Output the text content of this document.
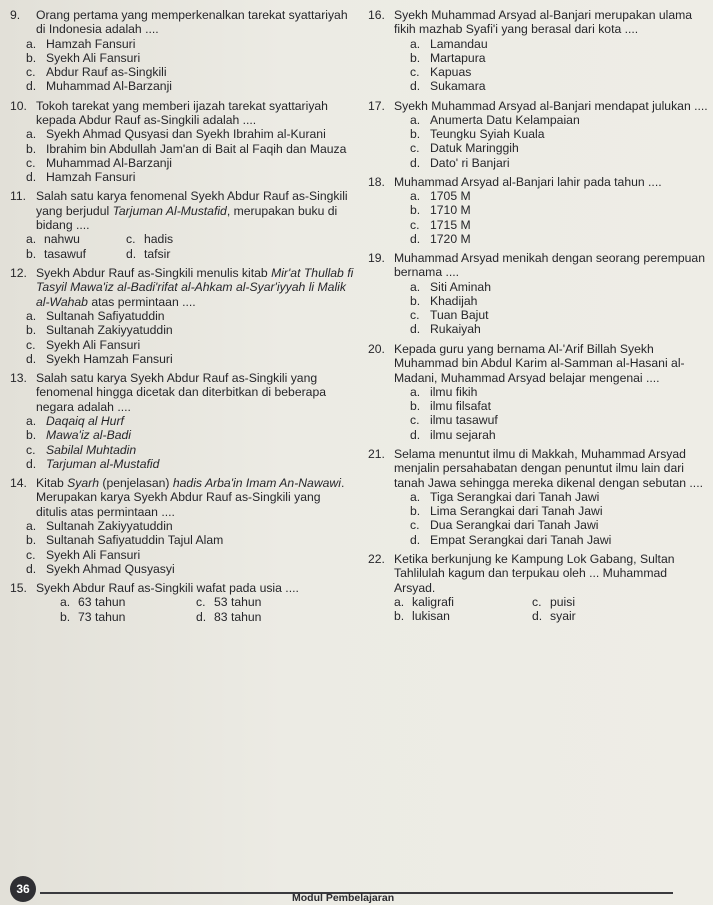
9.	Orang pertama yang memperkenalkan tarekat syattariyah di Indonesia adalah ....
a. Hamzah Fansuri
b. Syekh Ali Fansuri
c. Abdur Rauf as-Singkili
d. Muhammad Al-Barzanji
10. Tokoh tarekat yang memberi ijazah tarekat syattariyah kepada Abdur Rauf as-Singkili adalah ....
a. Syekh Ahmad Qusyasi dan Syekh Ibrahim al-Kurani
b. Ibrahim bin Abdullah Jam'an di Bait al Faqih dan Mauza
c. Muhammad Al-Barzanji
d. Hamzah Fansuri
11. Salah satu karya fenomenal Syekh Abdur Rauf as-Singkili yang berjudul Tarjuman Al-Mustafid, merupakan buku di bidang ....
a. nahwu	c. hadis
b. tasawuf	d. tafsir
12. Syekh Abdur Rauf as-Singkili menulis kitab Mir'at Thullab fi Tasyil Mawa'iz al-Badi'rifat al-Ahkam al-Syar'iyyah li Malik al-Wahab atas permintaan ....
a. Sultanah Safiyatuddin
b. Sultanah Zakiyyatuddin
c. Syekh Ali Fansuri
d. Syekh Hamzah Fansuri
13. Salah satu karya Syekh Abdur Rauf as-Singkili yang fenomenal hingga dicetak dan diterbitkan di beberapa negara adalah ....
a. Daqaiq al Hurf
b. Mawa'iz al-Badi
c. Sabilal Muhtadin
d. Tarjuman al-Mustafid
14. Kitab Syarh (penjelasan) hadis Arba'in Imam An-Nawawi. Merupakan karya Syekh Abdur Rauf as-Singkili yang ditulis atas permintaan ....
a. Sultanah Zakiyyatuddin
b. Sultanah Safiyatuddin Tajul Alam
c. Syekh Ali Fansuri
d. Syekh Ahmad Qusyasyi
15. Syekh Abdur Rauf as-Singkili wafat pada usia ....
a. 63 tahun	c. 53 tahun
b. 73 tahun	d. 83 tahun
16. Syekh Muhammad Arsyad al-Banjari merupakan ulama fikih mazhab Syafi'i yang berasal dari kota ....
a. Lamandau
b. Martapura
c. Kapuas
d. Sukamara
17. Syekh Muhammad Arsyad al-Banjari mendapat julukan ....
a. Anumerta Datu Kelampaian
b. Teungku Syiah Kuala
c. Datuk Maringgih
d. Dato' ri Banjari
18. Muhammad Arsyad al-Banjari lahir pada tahun ....
a. 1705 M
b. 1710 M
c. 1715 M
d. 1720 M
19. Muhammad Arsyad menikah dengan seorang perempuan bernama ....
a. Siti Aminah
b. Khadijah
c. Tuan Bajut
d. Rukaiyah
20. Kepada guru yang bernama Al-'Arif Billah Syekh Muhammad bin Abdul Karim al-Samman al-Hasani al-Madani, Muhammad Arsyad belajar mengenai ....
a. ilmu fikih
b. ilmu filsafat
c. ilmu tasawuf
d. ilmu sejarah
21. Selama menuntut ilmu di Makkah, Muhammad Arsyad menjalin persahabatan dengan penuntut ilmu lain dari tanah Jawa sehingga mereka dikenal dengan sebutan ....
a. Tiga Serangkai dari Tanah Jawi
b. Lima Serangkai dari Tanah Jawi
c. Dua Serangkai dari Tanah Jawi
d. Empat Serangkai dari Tanah Jawi
22. Ketika berkunjung ke Kampung Lok Gabang, Sultan Tahlilulah kagum dan terpukau oleh ... Muhammad Arsyad.
a. kaligrafi	c. puisi
b. lukisan	d. syair
36
Modul Pembelajaran
